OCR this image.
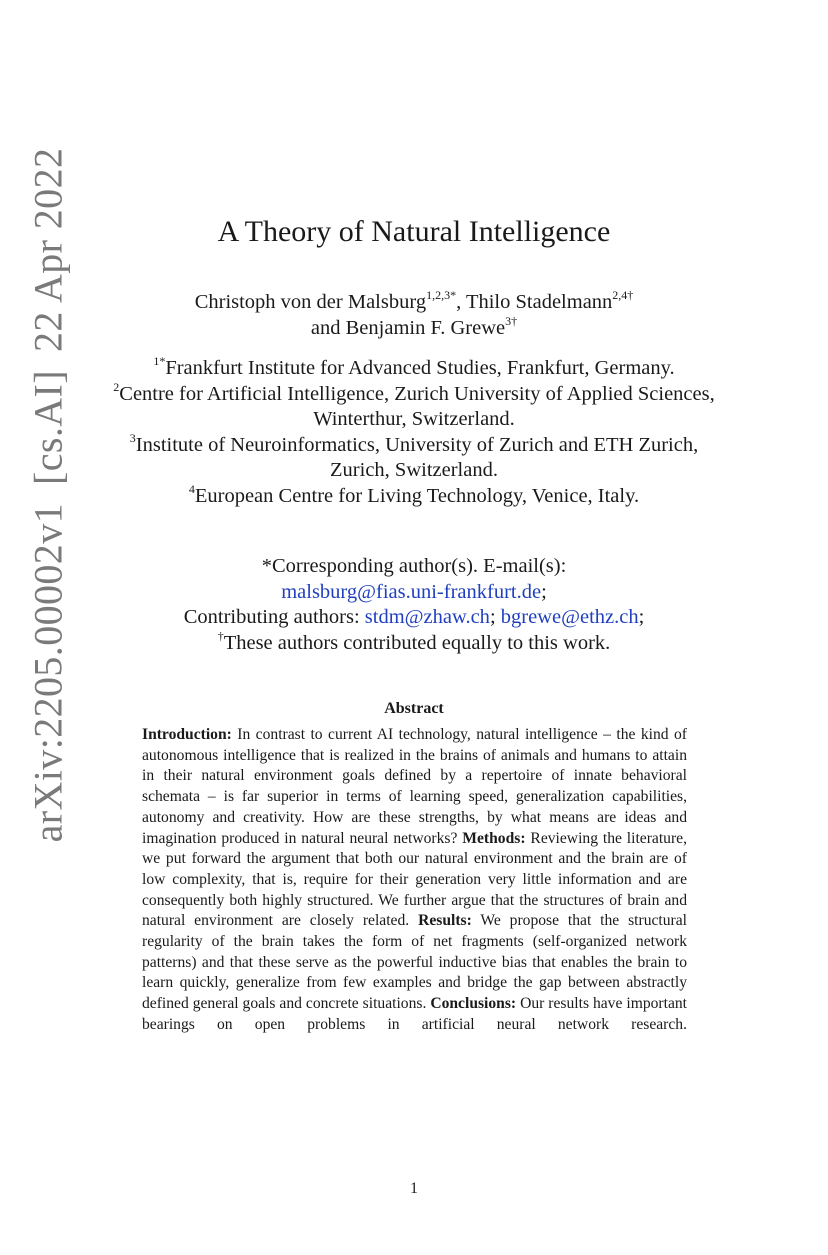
arXiv:2205.00002v1[cs.AI]22 Apr 2022	A Theory of Natural Intelligence
Christoph von der Malsburg$^{1,2,3*}$, Thilo Stadelmann$^{2,4\dagger}$
and Benjamin F. Grewe$^{3\dagger}$
$^{1*}$Frankfurt Institute for Advanced Studies, Frankfurt, Germany.
$^2$Centre for Artificial Intelligence, Zurich University of Applied Sciences, Winterthur, Switzerland.
$^3$Institute of Neuroinformatics, University of Zurich and ETH Zurich, Zurich, Switzerland.
$^4$European Centre for Living Technology, Venice, Italy.
*Corresponding author(s). E-mail(s):
malsburg@fias.uni-frankfurt.de;
Contributing authors: stdm@zhaw.ch; bgrewe@ethz.ch;
†These authors contributed equally to this work.
Abstract

Introduction: In contrast to current AI technology, natural intelligence – the kind of autonomous intelligence that is realized in the brains of animals and humans to attain in their natural environment goals defined by a repertoire of innate behavioral schemata – is far superior in terms of learning speed, generalization capabilities, autonomy and creativity. How are these strengths, by what means are ideas and imagination produced in natural neural networks? Methods: Reviewing the literature, we put forward the argument that both our natural environment and the brain are of low complexity, that is, require for their generation very little information and are consequently both highly structured. We further argue that the structures of brain and natural environment are closely related. Results: We propose that the structural regularity of the brain takes the form of net fragments (self-organized network patterns) and that these serve as the powerful inductive bias that enables the brain to learn quickly, generalize from few examples and bridge the gap between abstractly defined general goals and concrete situations. Conclusions: Our results have important bearings on open problems in artificial neural network research.

1
